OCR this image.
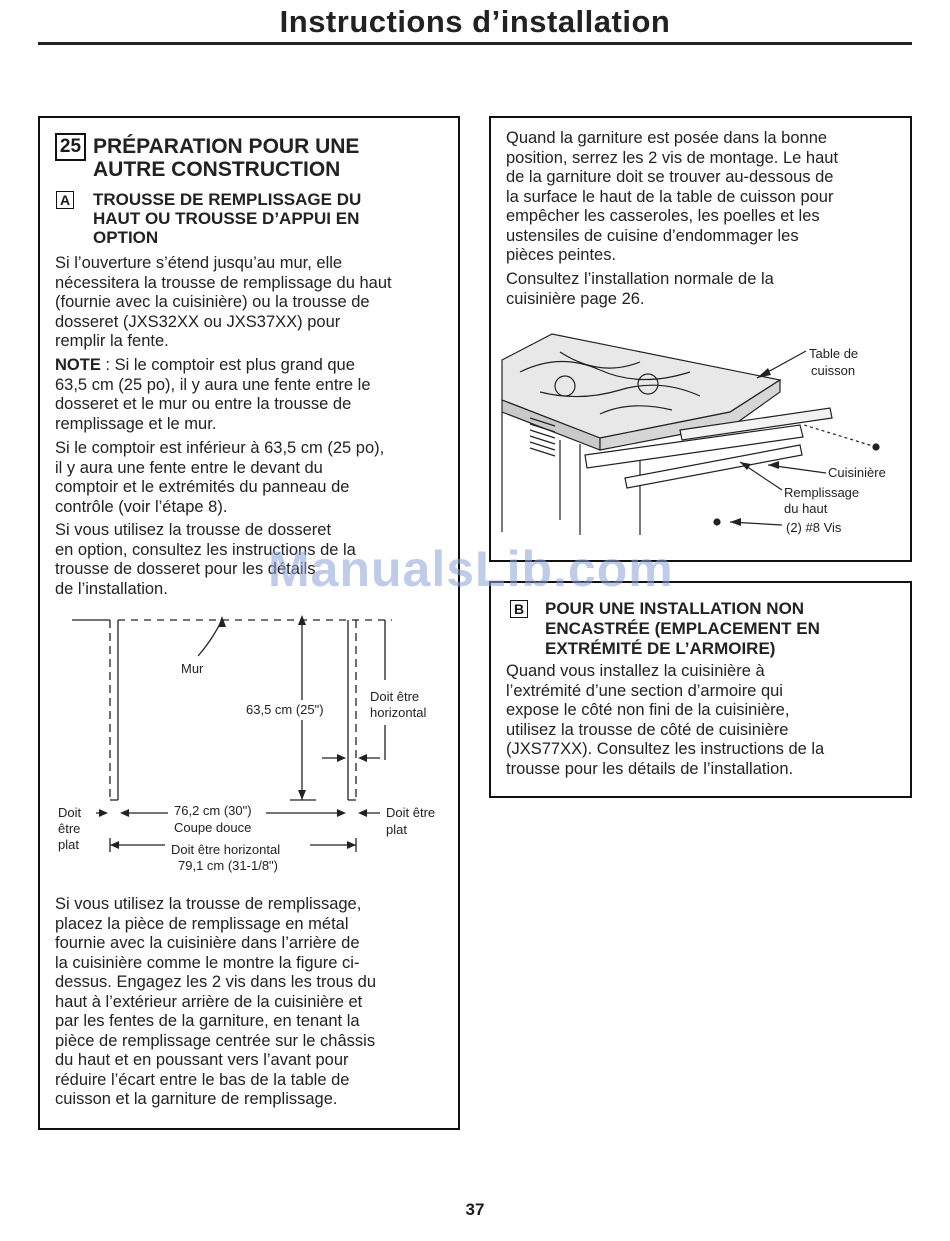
Instructions d’installation
25 PRÉPARATION POUR UNE
AUTRE CONSTRUCTION
A TROUSSE DE REMPLISSAGE DU
HAUT OU TROUSSE D’APPUI EN
OPTION
Si l’ouverture s’étend jusqu’au mur, elle
nécessitera la trousse de remplissage du haut
(fournie avec la cuisinière) ou la trousse de
dosseret (JXS32XX ou JXS37XX) pour
remplir la fente.
NOTE : Si le comptoir est plus grand que
63,5 cm (25 po), il y aura une fente entre le
dosseret et le mur ou entre la trousse de
remplissage et le mur.
Si le comptoir est inférieur à 63,5 cm (25 po),
il y aura une fente entre le devant du
comptoir et le extrémités du panneau de
contrôle (voir l’étape 8).
Si vous utilisez la trousse de dosseret
en option, consultez les instructions de la
trousse de dosseret pour les détails
de l’installation.
Mur
63,5 cm (25")
Doit être
horizontal
Doit
être
plat
76,2 cm (30")
Coupe douce
Doit être
plat
Doit être horizontal
79,1 cm (31-1/8")
Si vous utilisez la trousse de remplissage,
placez la pièce de remplissage en métal
fournie avec la cuisinière dans l’arrière de
la cuisinière comme le montre la figure ci-
dessus. Engagez les 2 vis dans les trous du
haut à l’extérieur arrière de la cuisinière et
par les fentes de la garniture, en tenant la
pièce de remplissage centrée sur le châssis
du haut et en poussant vers l’avant pour
réduire l’écart entre le bas de la table de
cuisson et la garniture de remplissage.
Quand la garniture est posée dans la bonne
position, serrez les 2 vis de montage. Le haut
de la garniture doit se trouver au-dessous de
la surface le haut de la table de cuisson pour
empêcher les casseroles, les poelles et les
ustensiles de cuisine d’endommager les
pièces peintes.
Consultez l’installation normale de la
cuisinière page 26.
Table de
cuisson
Cuisinière
Remplissage
du haut
(2) #8 Vis
B POUR UNE INSTALLATION NON
ENCASTRÉE (EMPLACEMENT EN
EXTRÉMITÉ DE L’ARMOIRE)
Quand vous installez la cuisinière à
l’extrémité d’une section d’armoire qui
expose le côté non fini de la cuisinière,
utilisez la trousse de côté de cuisinière
(JXS77XX). Consultez les instructions de la
trousse pour les détails de l’installation.
ManualsLib.com
37
